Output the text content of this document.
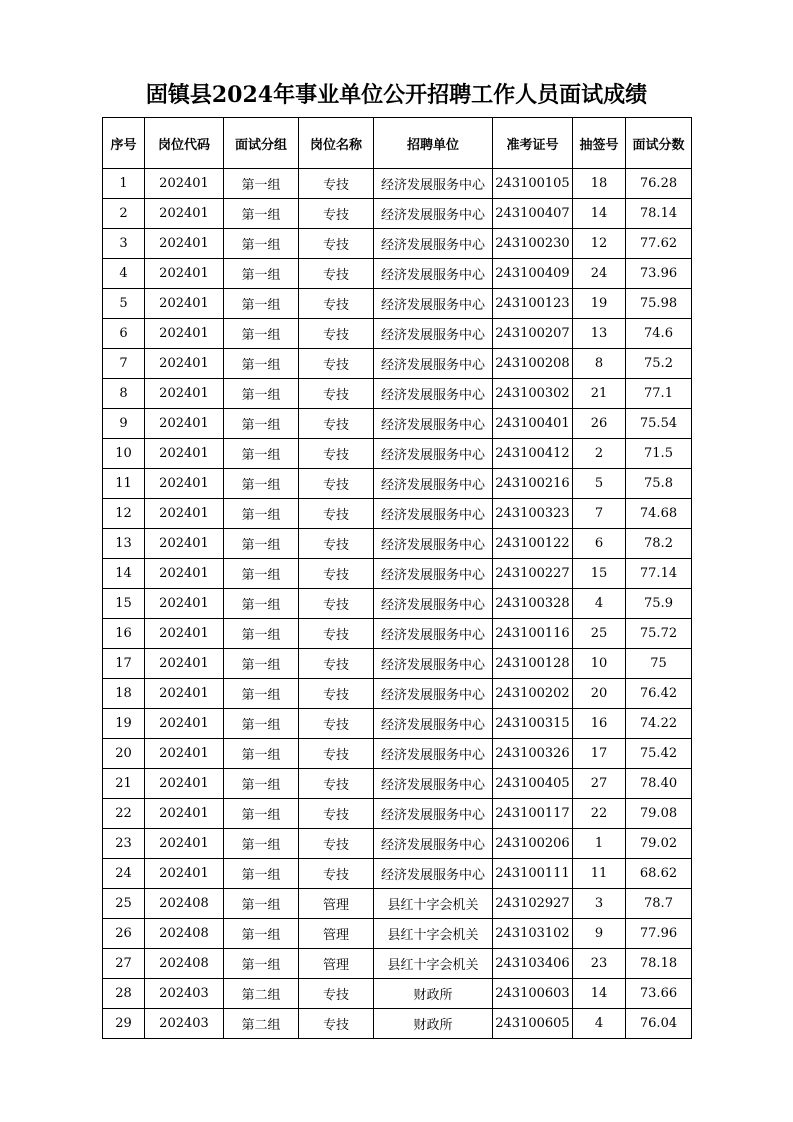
固镇县2024年事业单位公开招聘工作人员面试成绩
序号	岗位代码	面试分组	岗位名称	招聘单位	准考证号	抽签号	面试分数
1	202401	第一组	专技	经济发展服务中心	243100105	18	76.28
2	202401	第一组	专技	经济发展服务中心	243100407	14	78.14
3	202401	第一组	专技	经济发展服务中心	243100230	12	77.62
4	202401	第一组	专技	经济发展服务中心	243100409	24	73.96
5	202401	第一组	专技	经济发展服务中心	243100123	19	75.98
6	202401	第一组	专技	经济发展服务中心	243100207	13	74.6
7	202401	第一组	专技	经济发展服务中心	243100208	8	75.2
8	202401	第一组	专技	经济发展服务中心	243100302	21	77.1
9	202401	第一组	专技	经济发展服务中心	243100401	26	75.54
10	202401	第一组	专技	经济发展服务中心	243100412	2	71.5
11	202401	第一组	专技	经济发展服务中心	243100216	5	75.8
12	202401	第一组	专技	经济发展服务中心	243100323	7	74.68
13	202401	第一组	专技	经济发展服务中心	243100122	6	78.2
14	202401	第一组	专技	经济发展服务中心	243100227	15	77.14
15	202401	第一组	专技	经济发展服务中心	243100328	4	75.9
16	202401	第一组	专技	经济发展服务中心	243100116	25	75.72
17	202401	第一组	专技	经济发展服务中心	243100128	10	75
18	202401	第一组	专技	经济发展服务中心	243100202	20	76.42
19	202401	第一组	专技	经济发展服务中心	243100315	16	74.22
20	202401	第一组	专技	经济发展服务中心	243100326	17	75.42
21	202401	第一组	专技	经济发展服务中心	243100405	27	78.40
22	202401	第一组	专技	经济发展服务中心	243100117	22	79.08
23	202401	第一组	专技	经济发展服务中心	243100206	1	79.02
24	202401	第一组	专技	经济发展服务中心	243100111	11	68.62
25	202408	第一组	管理	县红十字会机关	243102927	3	78.7
26	202408	第一组	管理	县红十字会机关	243103102	9	77.96
27	202408	第一组	管理	县红十字会机关	243103406	23	78.18
28	202403	第二组	专技	财政所	243100603	14	73.66
29	202403	第二组	专技	财政所	243100605	4	76.04
